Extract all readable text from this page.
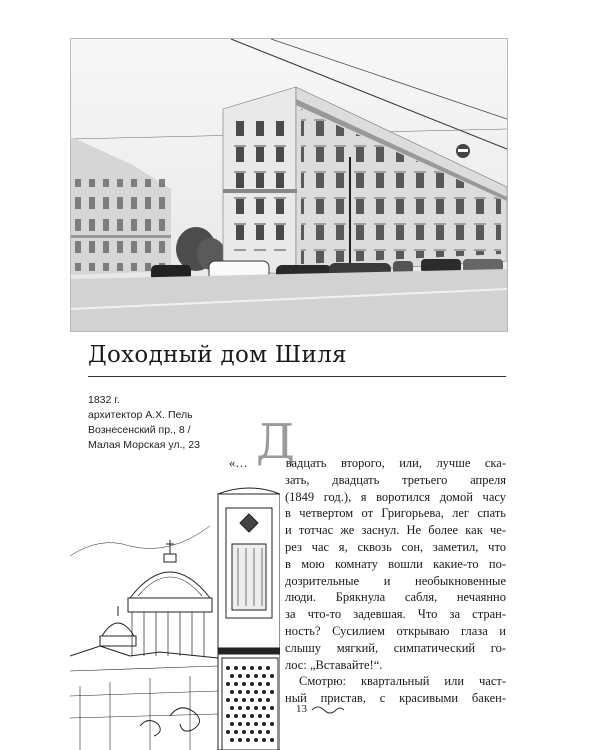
Доходный дом Шиля
1832 г.
архитектор А.Х. Пель
Вознесенский пр., 8 /
Малая Морская ул., 23	Д
«…	вадцать второго, или, лучше ска-
зать, двадцать третьего апреля
(1849 год.), я воротился домой часу
в четвертом от Григорьева, лег спать
и тотчас же заснул. Не более как че-
рез час я, сквозь сон, заметил, что
в мою комнату вошли какие-то по-
дозрительные и необыкновенные
люди. Брякнула сабля, нечаянно
за что-то задевшая. Что за стран-
ность? Сусилием открываю глаза и
слышу мягкий, симпатический го-
лос: „Вставайте!“.
Смотрю: квартальный или част-
ный пристав, с красивыми бакен-
13
